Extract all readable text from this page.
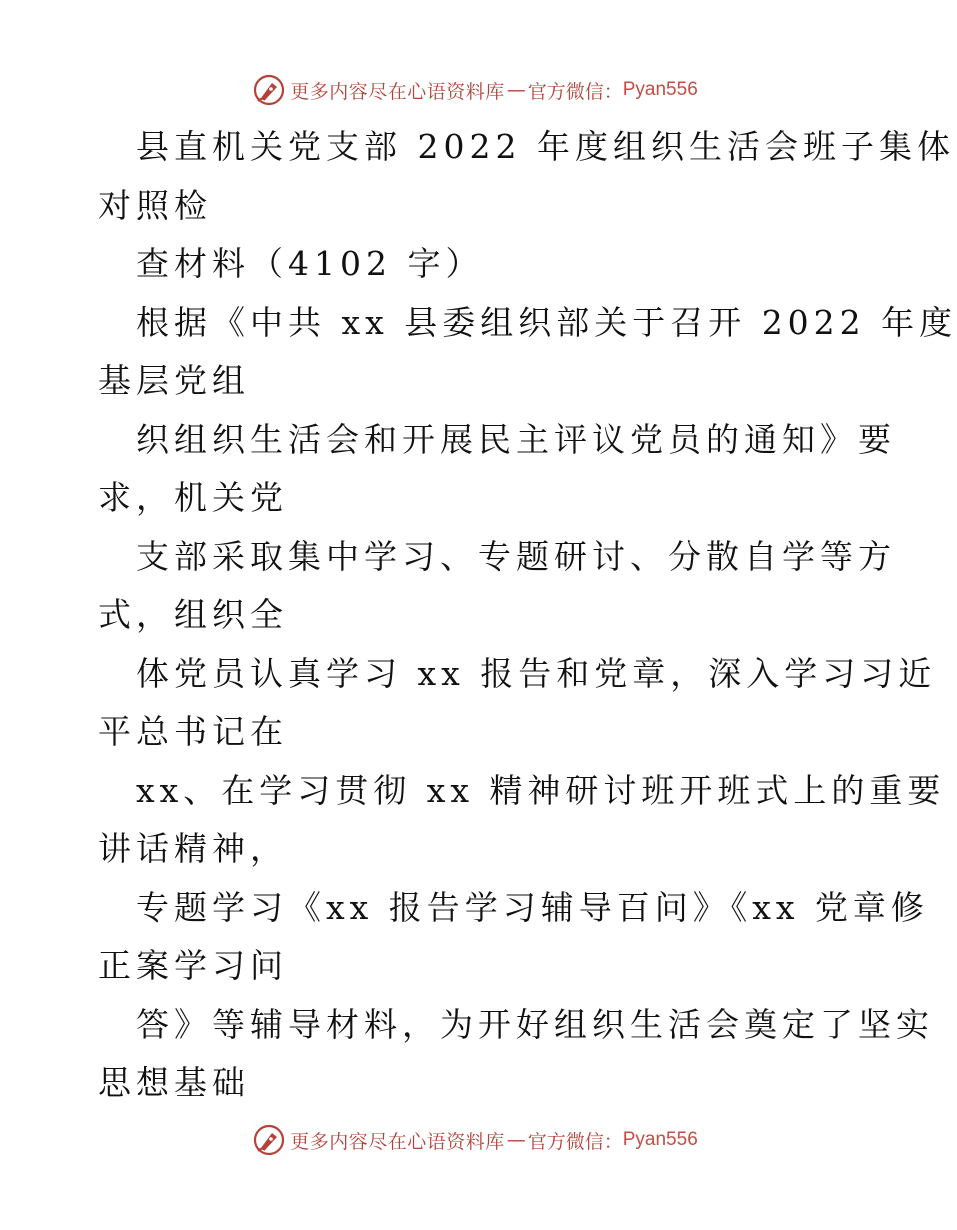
更多内容尽在心语资料库 — 官方微信： Pyan556
县直机关党支部 2022 年度组织生活会班子集体
对照检
查材料（4102 字）
根据《中共 xx 县委组织部关于召开 2022 年度
基层党组
织组织生活会和开展民主评议党员的通知》要
求，机关党
支部采取集中学习、专题研讨、分散自学等方
式，组织全
体党员认真学习 xx 报告和党章，深入学习习近
平总书记在
xx、在学习贯彻 xx 精神研讨班开班式上的重要
讲话精神，
专题学习《xx 报告学习辅导百问》《xx 党章修
正案学习问
答》等辅导材料，为开好组织生活会奠定了坚实
思想基础
更多内容尽在心语资料库 — 官方微信： Pyan556
